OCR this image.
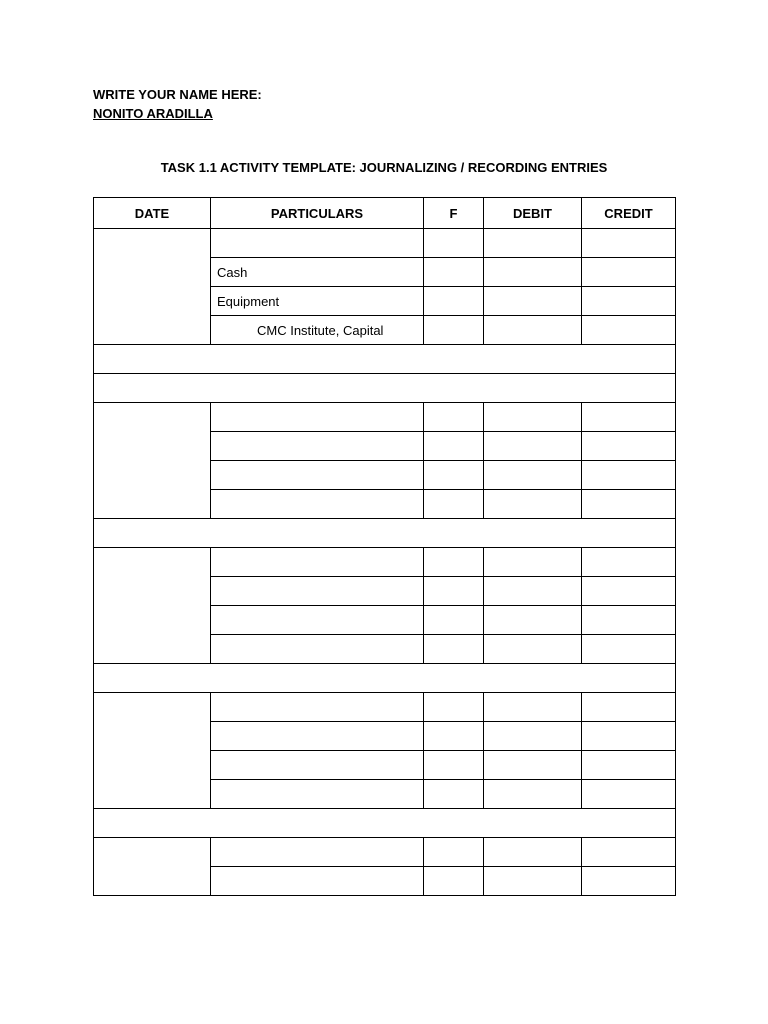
WRITE YOUR NAME HERE:
NONITO ARADILLA
TASK 1.1 ACTIVITY TEMPLATE: JOURNALIZING / RECORDING ENTRIES
DATE	PARTICULARS	F	DEBIT	CREDIT

	Cash			
	Equipment			
	CMC Institute, Capital			
